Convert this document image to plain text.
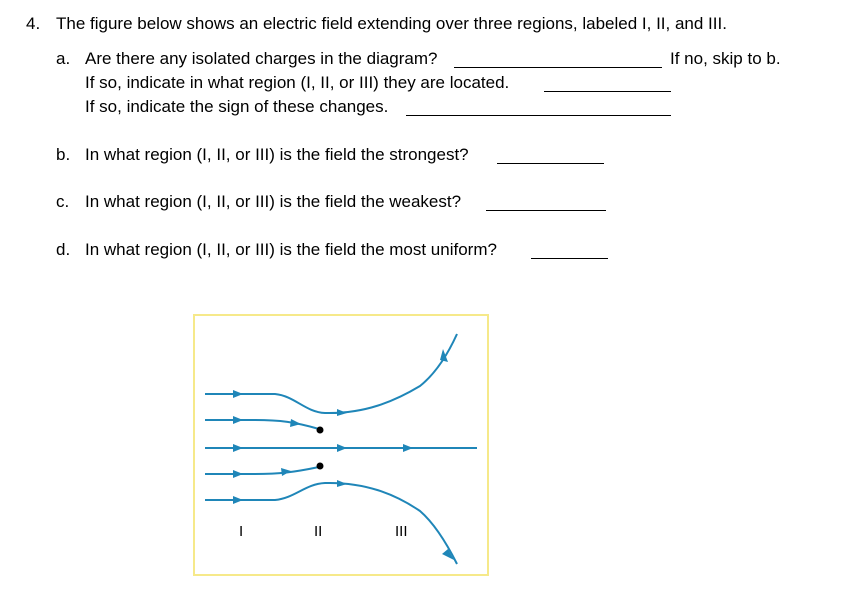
4. The figure below shows an electric field extending over three regions, labeled I, II, and III.
a. Are there any isolated charges in the diagram?	If no, skip to b.
If so, indicate in what region (I, II, or III) they are located.
If so, indicate the sign of these changes.
b. In what region (I, II, or III) is the field the strongest?
c. In what region (I, II, or III) is the field the weakest?
d. In what region (I, II, or III) is the field the most uniform?
I	II	III
